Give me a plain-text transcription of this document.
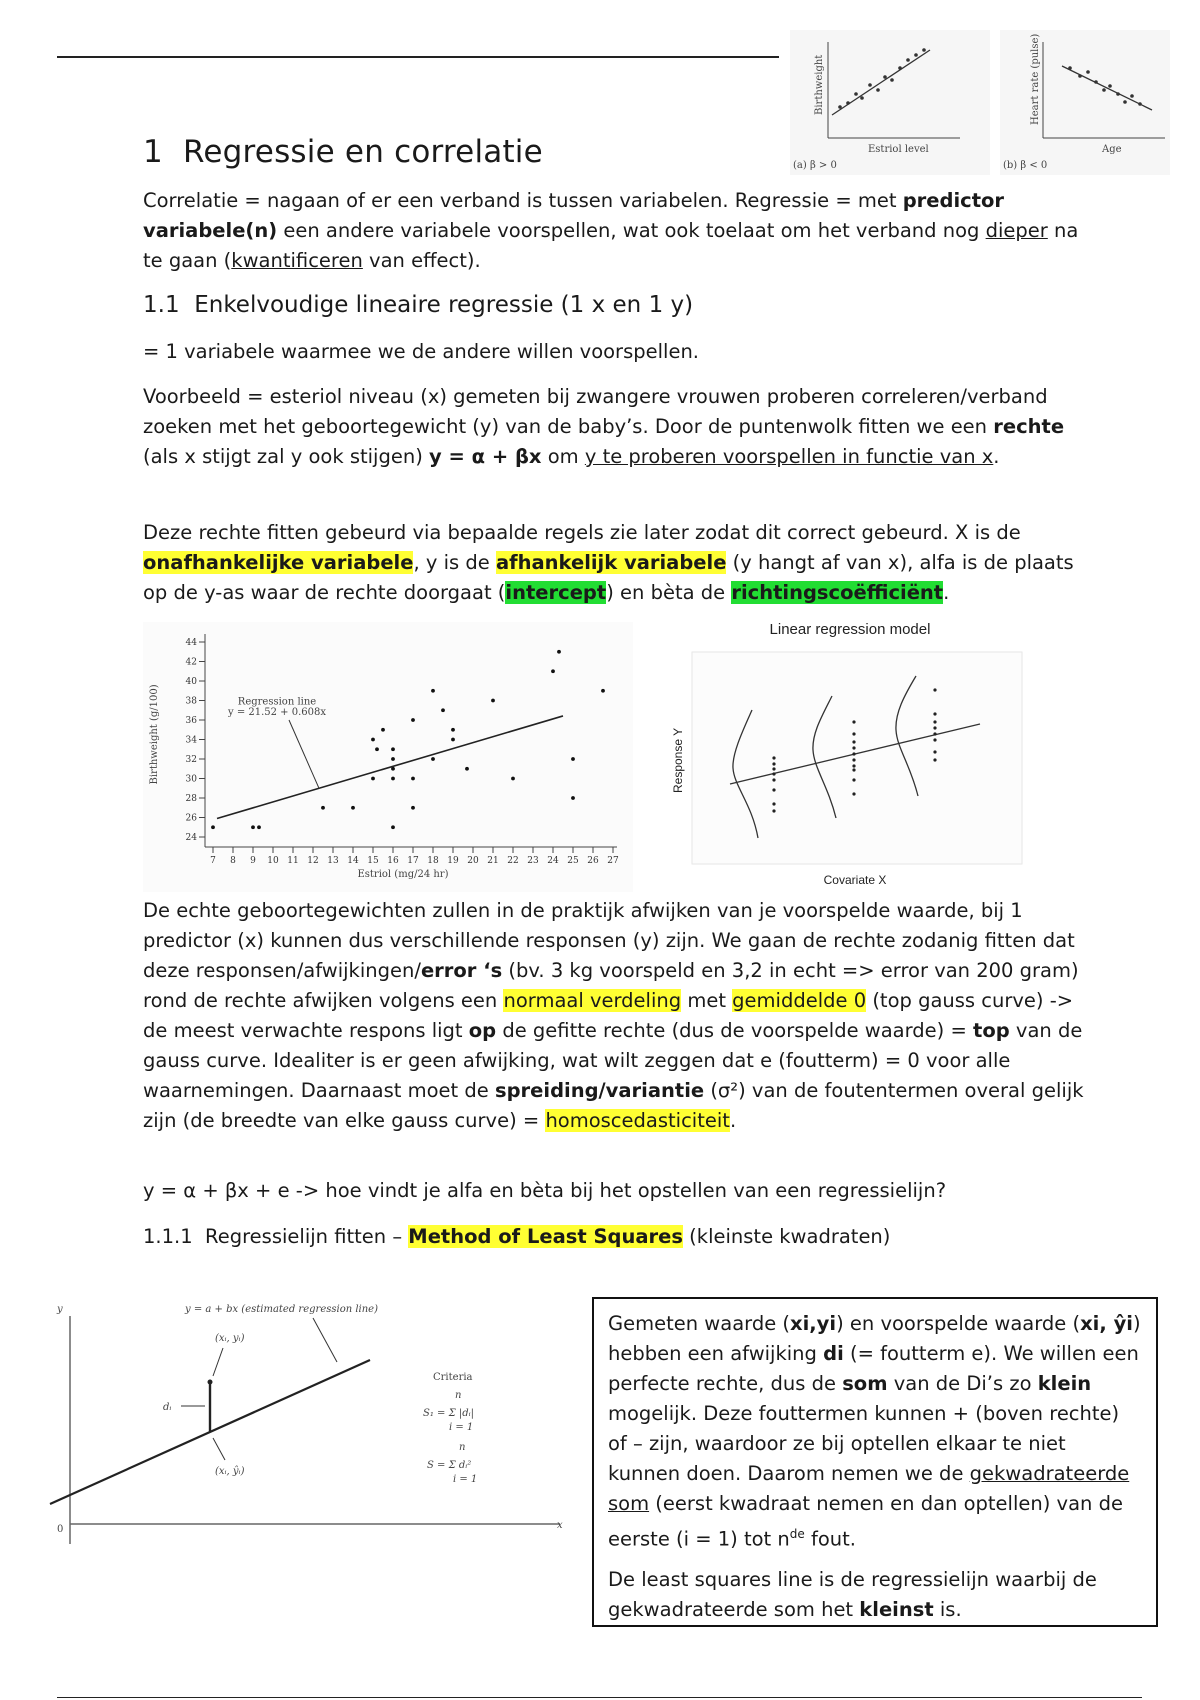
Birthweight
Estriol level
(a) β > 0
Heart rate (pulse)
Age
(b) β < 0
1 Regressie en correlatie

Correlatie = nagaan of er een verband is tussen variabelen. Regressie = met predictor variabele(n) een andere variabele voorspellen, wat ook toelaat om het verband nog dieper na te gaan (kwantificeren van effect).

1.1 Enkelvoudige lineaire regressie (1 x en 1 y)

= 1 variabele waarmee we de andere willen voorspellen.

Voorbeeld = esteriol niveau (x) gemeten bij zwangere vrouwen proberen correleren/verband zoeken met het geboortegewicht (y) van de baby’s. Door de puntenwolk fitten we een rechte (als x stijgt zal y ook stijgen) y = α + βx om y te proberen voorspellen in functie van x.

Deze rechte fitten gebeurd via bepaalde regels zie later zodat dit correct gebeurd. X is de onafhankelijke variabele, y is de afhankelijk variabele (y hangt af van x), alfa is de plaats op de y-as waar de rechte doorgaat (intercept) en bèta de richtingscoëfficiënt.

7 8 9 10 11 12 13 14 15 16 17 18 19 20 21 22 23 24 25 26 27
24
26
28
30
32
34
36
38
40
42
44
Regression line
y = 21.52 + 0.608x
Estriol (mg/24 hr)
Birthweight (g/100)
Linear regression model
Response Y
Covariate X

De echte geboortegewichten zullen in de praktijk afwijken van je voorspelde waarde, bij 1 predictor (x) kunnen dus verschillende responsen (y) zijn. We gaan de rechte zodanig fitten dat deze responsen/afwijkingen/error ‘s (bv. 3 kg voorspeld en 3,2 in echt => error van 200 gram) rond de rechte afwijken volgens een normaal verdeling met gemiddelde 0 (top gauss curve) -> de meest verwachte respons ligt op de gefitte rechte (dus de voorspelde waarde) = top van de gauss curve. Idealiter is er geen afwijking, wat wilt zeggen dat e (foutterm) = 0 voor alle waarnemingen. Daarnaast moet de spreiding/variantie (σ²) van de foutentermen overal gelijk zijn (de breedte van elke gauss curve) = homoscedasticiteit.

y = α + βx + e -> hoe vindt je alfa en bèta bij het opstellen van een regressielijn?

1.1.1 Regressielijn fitten – Method of Least Squares (kleinste kwadraten)

y
x
0
y = a + bx (estimated regression line)
(xᵢ, yᵢ)
(xᵢ, ŷᵢ)
dᵢ
Criteria
S₁ = Σ |dᵢ|
S = Σ dᵢ²
n
i = 1
n
i = 1

Gemeten waarde (xi,yi) en voorspelde waarde (xi, ŷi) hebben een afwijking di (= foutterm e). We willen een perfecte rechte, dus de som van de Di’s zo klein mogelijk. Deze fouttermen kunnen + (boven rechte) of – zijn, waardoor ze bij optellen elkaar te niet kunnen doen. Daarom nemen we de gekwadrateerde som (eerst kwadraat nemen en dan optellen) van de eerste (i = 1) tot $n^{de}$ fout.

De least squares line is de regressielijn waarbij de gekwadrateerde som het kleinst is.
